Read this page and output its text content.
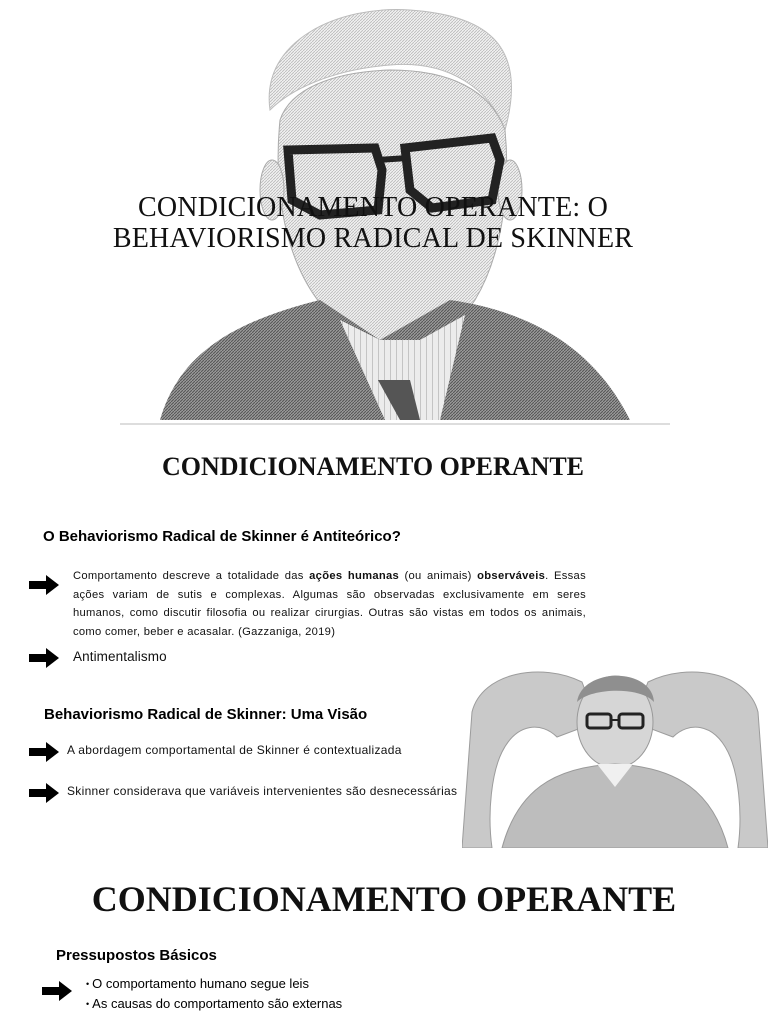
CONDICIONAMENTO OPERANTE: O
BEHAVIORISMO RADICAL DE SKINNER
CONDICIONAMENTO OPERANTE
O Behaviorismo Radical de Skinner é Antiteórico?
Comportamento descreve a totalidade das ações humanas (ou animais) observáveis. Essas ações variam de sutis e complexas. Algumas são observadas exclusivamente em seres humanos, como discutir filosofia ou realizar cirurgias. Outras são vistas em todos os animais, como comer, beber e acasalar. (Gazzaniga, 2019)
Antimentalismo
Behaviorismo Radical de Skinner: Uma Visão
A abordagem comportamental de Skinner é contextualizada
Skinner considerava que variáveis intervenientes são desnecessárias
CONDICIONAMENTO OPERANTE
Pressupostos Básicos
• O comportamento humano segue leis
• As causas do comportamento são externas
